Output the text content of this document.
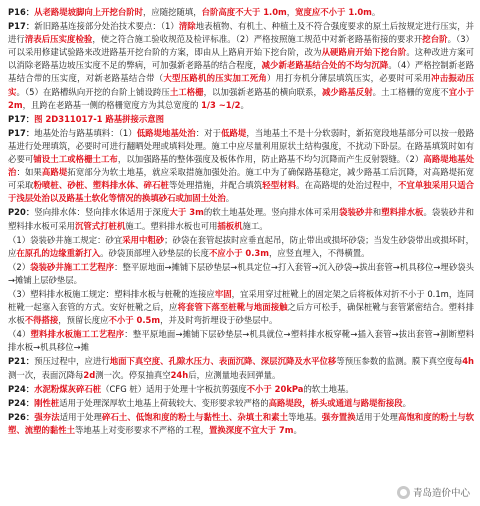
P16：从老路堤坡脚向上开挖台阶时，应随挖随填，台阶高度不大于 1.0m，宽度应不小于 1.0m。

P17：新旧路基连接部分处治技术要点：（1）清除地表植物、有机土、种植土及不符合强度要求的原土后按规定进行压实，并进行清表后压实度检验，使之符合施工验收规范及检评标准。（2）严格按照施工规范中对新老路基衔接的要求开挖台阶。（3）可以采用修建试验路来改进路基开挖台阶的方案，即由从上路肩开始下挖台阶，改为从硬路肩开始下挖台阶。这种改进方案可以消除老路基边坡压实度不足的弊病，可加强新老路基的结合程度，减少新老路基结合处的不均匀沉降。（4）严格控制新老路基结合带的压实度，对新老路基结合带（大型压路机的压实加工死角）用打夯机分薄层填筑压实，必要时可采用冲击振动压实。（5）在路槽纵向开挖的台阶上铺设跨压土工格栅，以加强新老路基的横向联系，减少路基反射。土工格栅的宽度不宜小于 2m，且跨在老路基一侧的格栅宽度方为其总宽度的 1/3 ~1/2。

P17：图 2D311017-1 路基拼接示意图

P17：地基处治与路基填料：（1）低路堤地基处治：对于低路堤，当地基土不是十分软弱时，新拓宽段地基部分可以按一般路基进行处理填筑，必要时可进行翻晒处理或填料处理。施工中应尽量利用原状土结构强度，不扰动下卧层。在路基填筑时如有必要可铺设土工或格栅土工布，以加强路基的整体强度及板体作用，防止路基不均匀沉降而产生反射裂缝。（2）高路堤地基处治：如果高路堤拓宽部分为软土地基，就应采取措施加强处治。施工中为了确保路基稳定，减少路基工后沉降，对高路堤拓宽可采取粉喷桩、砂桩、塑料排水体、碎石桩等处理措施，并配合填筑轻型材料。在高路堤的处治过程中，不宜单独采用只适合于浅层处治以及路基土软化等情况的换填砂石或加固土处治。

P20：竖向排水体：竖向排水体适用于深度大于 3m的软土地基处理。竖向排水体可采用袋装砂井和塑料排水板。袋装砂井和塑料排水板可采用沉管式打桩机施工。塑料排水板也可用插板机施工。

（1）袋装砂井施工规定：砂宜采用中粗砂；砂袋在套管起拔时应垂直起吊，防止带出或损坏砂袋；当发生砂袋带出或损坏时，应在原孔的边缘重新打入。砂袋顶部埋入砂垫层的长度不应小于 0.3m，应竖直埋入，不得横置。

（2）袋装砂井施工工艺程序：整平原地面→摊铺下层砂垫层→机具定位→打入套管→沉入砂袋→拔出套管→机具移位→埋砂袋头→摊铺上层砂垫层。

（3）塑料排水板施工规定：塑料排水板与桩靴的连接应牢固，宜采用穿过桩靴上的固定架之后将板体对折不小于 0.1m，连同桩靴一起塞入套管的方式。安好桩靴之后，应将套管下落至桩靴与地面接触之后方可松手，确保桩靴与套管紧密结合。塑料排水板不得搭接，预留长度应不小于 0.5m，并及时弯折埋设于砂垫层中。

（4）塑料排水板施工工艺程序：整平原地面→摊铺下层砂垫层→机具就位→塑料排水板穿靴→插入套管→拔出套管→割断塑料排水板→机具移位→摊

P21：预压过程中，应进行地面下真空度、孔隙水压力、表面沉降、深层沉降及水平位移等预压参数的监测。膜下真空度每4h测一次，表面沉降每2d测一次。停泵抽真空24h后，应测量地表回弹量。

P24：水泥粉煤灰碎石桩（CFG 桩）适用于处理十字板抗剪强度不小于 20kPa的软土地基。

P24：刚性桩适用于处理深厚软土地基上荷载较大、变形要求较严格的高路堤段，桥头或通道与路堤衔接段。

P26：强夯法适用于处理碎石土、低饱和度的粉土与黏性土、杂填土和素土等地基。强夯置换适用于处理高饱和度的粉土与软塑、流塑的黏性土等地基上对变形要求不严格的工程，置换深度不宜大于 7m。

青岛造价中心
